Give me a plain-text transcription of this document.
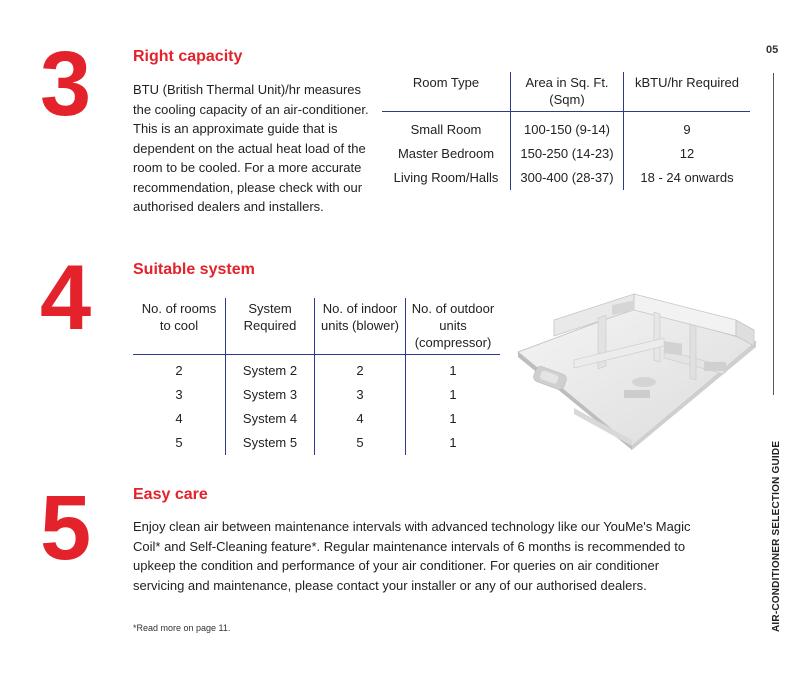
05
AIR-CONDITIONER SELECTION GUIDE
3	Right capacity
BTU (British Thermal Unit)/hr measures the cooling capacity of an air-conditioner. This is an approximate guide that is dependent on the actual heat load of the room to be cooled. For a more accurate recommendation, please check with our authorised dealers and installers.
Room Type	Area in Sq. Ft. (Sqm)	kBTU/hr Required
Small Room	100-150 (9-14)	9
Master Bedroom	150-250 (14-23)	12
Living Room/Halls	300-400 (28-37)	18 - 24 onwards
4	Suitable system
No. of rooms to cool	System Required	No. of indoor units (blower)	No. of outdoor units (compressor)
2	System 2	2	1
3	System 3	3	1
4	System 4	4	1
5	System 5	5	1
5	Easy care
Enjoy clean air between maintenance intervals with advanced technology like our YouMe's Magic Coil* and Self-Cleaning feature*. Regular maintenance intervals of 6 months is recommended to upkeep the condition and performance of your air conditioner. For queries on air conditioner servicing and maintenance, please contact your installer or any of our authorised dealers.
*Read more on page 11.
